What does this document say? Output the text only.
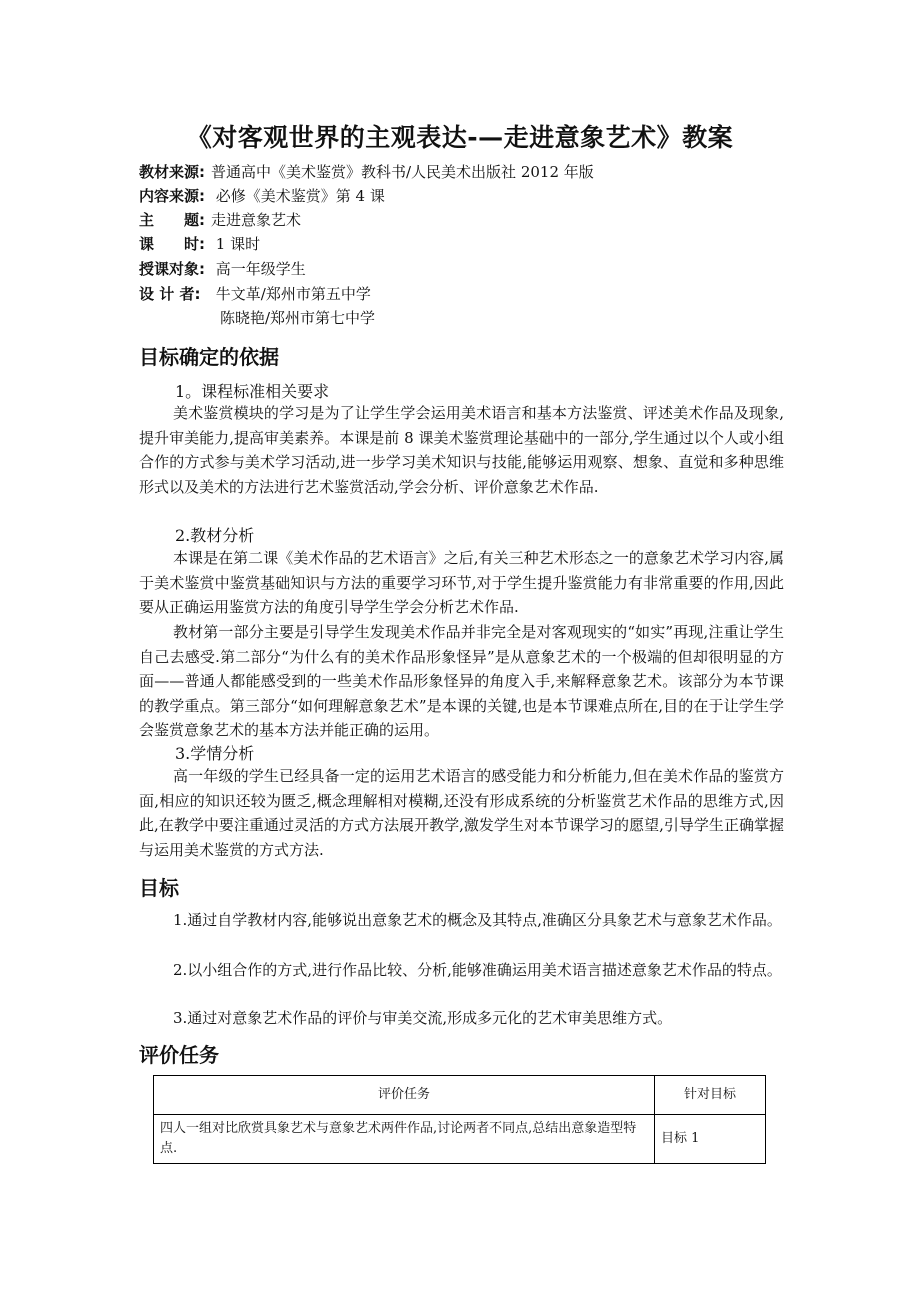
《对客观世界的主观表达-—走进意象艺术》教案
教材来源: 普通高中《美术鉴赏》教科书/人民美术出版社 2012 年版
内容来源: 必修《美术鉴赏》第 4 课
主　　题: 走进意象艺术
课　　时: 1 课时
授课对象: 高一年级学生
设 计 者: 牛文革/郑州市第五中学
陈晓艳/郑州市第七中学
目标确定的依据
1。课程标准相关要求
美术鉴赏模块的学习是为了让学生学会运用美术语言和基本方法鉴赏、评述美术作品及现象,提升审美能力,提高审美素养。本课是前 8 课美术鉴赏理论基础中的一部分,学生通过以个人或小组合作的方式参与美术学习活动,进一步学习美术知识与技能,能够运用观察、想象、直觉和多种思维形式以及美术的方法进行艺术鉴赏活动,学会分析、评价意象艺术作品.
2.教材分析
本课是在第二课《美术作品的艺术语言》之后,有关三种艺术形态之一的意象艺术学习内容,属于美术鉴赏中鉴赏基础知识与方法的重要学习环节,对于学生提升鉴赏能力有非常重要的作用,因此要从正确运用鉴赏方法的角度引导学生学会分析艺术作品.
教材第一部分主要是引导学生发现美术作品并非完全是对客观现实的“如实”再现,注重让学生自己去感受.第二部分“为什么有的美术作品形象怪异”是从意象艺术的一个极端的但却很明显的方面——普通人都能感受到的一些美术作品形象怪异的角度入手,来解释意象艺术。该部分为本节课的教学重点。第三部分“如何理解意象艺术”是本课的关键,也是本节课难点所在,目的在于让学生学会鉴赏意象艺术的基本方法并能正确的运用。
3.学情分析
高一年级的学生已经具备一定的运用艺术语言的感受能力和分析能力,但在美术作品的鉴赏方面,相应的知识还较为匮乏,概念理解相对模糊,还没有形成系统的分析鉴赏艺术作品的思维方式,因此,在教学中要注重通过灵活的方式方法展开教学,激发学生对本节课学习的愿望,引导学生正确掌握与运用美术鉴赏的方式方法.
目标
1.通过自学教材内容,能够说出意象艺术的概念及其特点,准确区分具象艺术与意象艺术作品。
2.以小组合作的方式,进行作品比较、分析,能够准确运用美术语言描述意象艺术作品的特点。
3.通过对意象艺术作品的评价与审美交流,形成多元化的艺术审美思维方式。
评价任务
评价任务	针对目标
四人一组对比欣赏具象艺术与意象艺术两件作品,讨论两者不同点,总结出意象造型特点.	目标 1
